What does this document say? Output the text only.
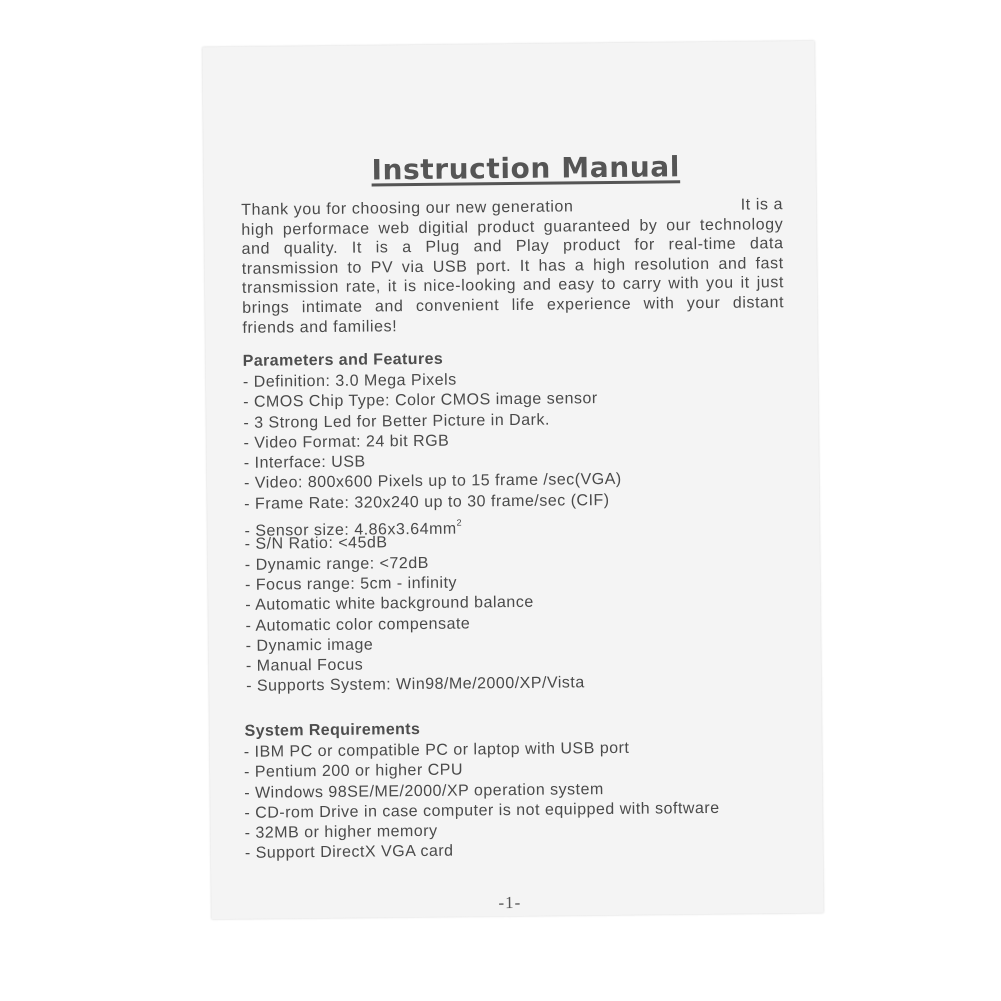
Instruction Manual
Thank you for choosing our new generation	It is a
high performace web digitial product guaranteed by our technology
and quality. It is a Plug and Play product for real-time data
transmission to PV via USB port. It has a high resolution and fast
transmission rate, it is nice-looking and easy to carry with you it just
brings intimate and convenient life experience with your distant
friends and families!
Parameters and Features
- Definition: 3.0 Mega Pixels
- CMOS Chip Type: Color CMOS image sensor
- 3 Strong Led for Better Picture in Dark.
- Video Format: 24 bit RGB
- Interface: USB
- Video: 800x600 Pixels up to 15 frame /sec(VGA)
- Frame Rate: 320x240 up to 30 frame/sec (CIF)
- Sensor size: $4.86x3.64mm^2$
- S/N Ratio: <45dB
- Dynamic range: <72dB
- Focus range: 5cm - infinity
- Automatic white background balance
- Automatic color compensate
- Dynamic image
- Manual Focus
- Supports System: Win98/Me/2000/XP/Vista
System Requirements
- IBM PC or compatible PC or laptop with USB port
- Pentium 200 or higher CPU
- Windows 98SE/ME/2000/XP operation system
- CD-rom Drive in case computer is not equipped with software
- 32MB or higher memory
- Support DirectX VGA card
-1-
